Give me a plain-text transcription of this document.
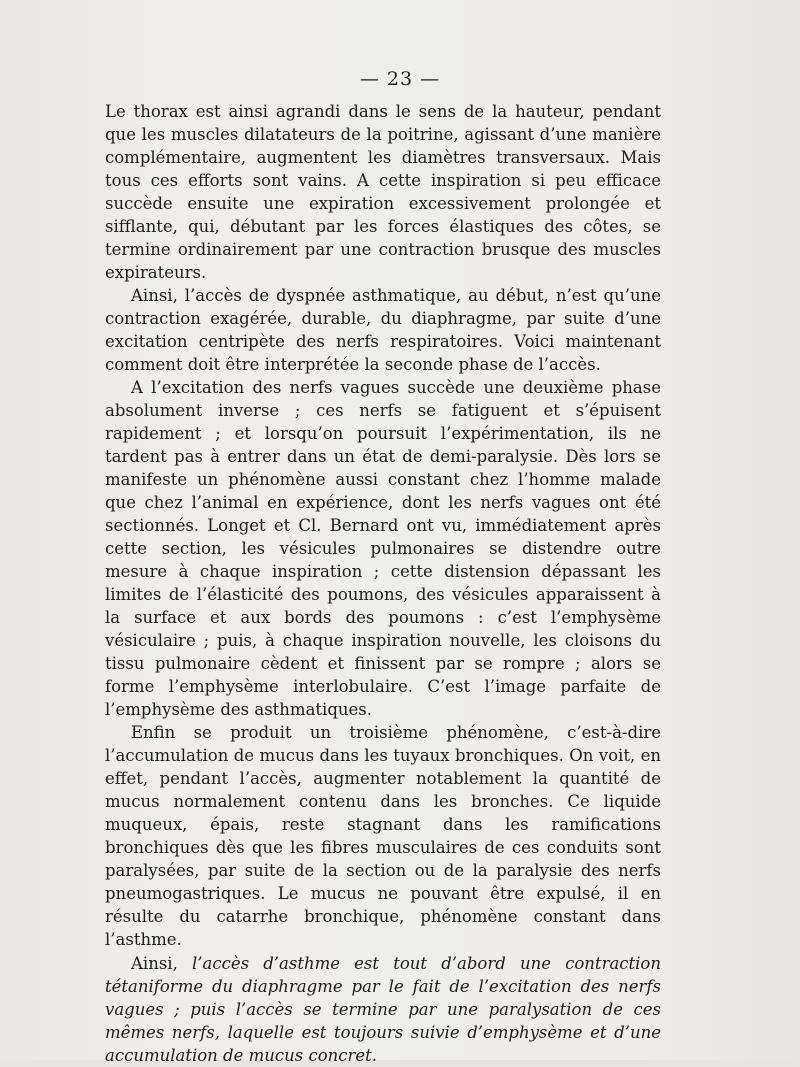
— 23 —

Le thorax est ainsi agrandi dans le sens de la hauteur, pendant que les muscles dilatateurs de la poitrine, agissant d’une manière complémentaire, augmentent les diamètres transversaux. Mais tous ces efforts sont vains. A cette inspiration si peu efficace succède ensuite une expiration excessivement prolongée et sifflante, qui, débutant par les forces élastiques des côtes, se termine ordinairement par une contraction brusque des muscles expirateurs.

Ainsi, l’accès de dyspnée asthmatique, au début, n’est qu’une contraction exagérée, durable, du diaphragme, par suite d’une excitation centripète des nerfs respiratoires. Voici maintenant comment doit être interprétée la seconde phase de l’accès.

A l’excitation des nerfs vagues succède une deuxième phase absolument inverse ; ces nerfs se fatiguent et s’épuisent rapidement ; et lorsqu’on poursuit l’expérimentation, ils ne tardent pas à entrer dans un état de demi-paralysie. Dès lors se manifeste un phénomène aussi constant chez l’homme malade que chez l’animal en expérience, dont les nerfs vagues ont été sectionnés. Longet et Cl. Bernard ont vu, immédiatement après cette section, les vésicules pulmonaires se distendre outre mesure à chaque inspiration ; cette distension dépassant les limites de l’élasticité des poumons, des vésicules apparaissent à la surface et aux bords des poumons : c’est l’emphysème vésiculaire ; puis, à chaque inspiration nouvelle, les cloisons du tissu pulmonaire cèdent et finissent par se rompre ; alors se forme l’emphysème interlobulaire. C’est l’image parfaite de l’emphysème des asthmatiques.

Enfin se produit un troisième phénomène, c’est-à-dire l’accumulation de mucus dans les tuyaux bronchiques. On voit, en effet, pendant l’accès, augmenter notablement la quantité de mucus normalement contenu dans les bronches. Ce liquide muqueux, épais, reste stagnant dans les ramifications bronchiques dès que les fibres musculaires de ces conduits sont paralysées, par suite de la section ou de la paralysie des nerfs pneumogastriques. Le mucus ne pouvant être expulsé, il en résulte du catarrhe bronchique, phénomène constant dans l’asthme.

Ainsi, l’accès d’asthme est tout d’abord une contraction tétaniforme du diaphragme par le fait de l’excitation des nerfs vagues ; puis l’accès se termine par une paralysation de ces mêmes nerfs, laquelle est toujours suivie d’emphysème et d’une accumulation de mucus concret.
